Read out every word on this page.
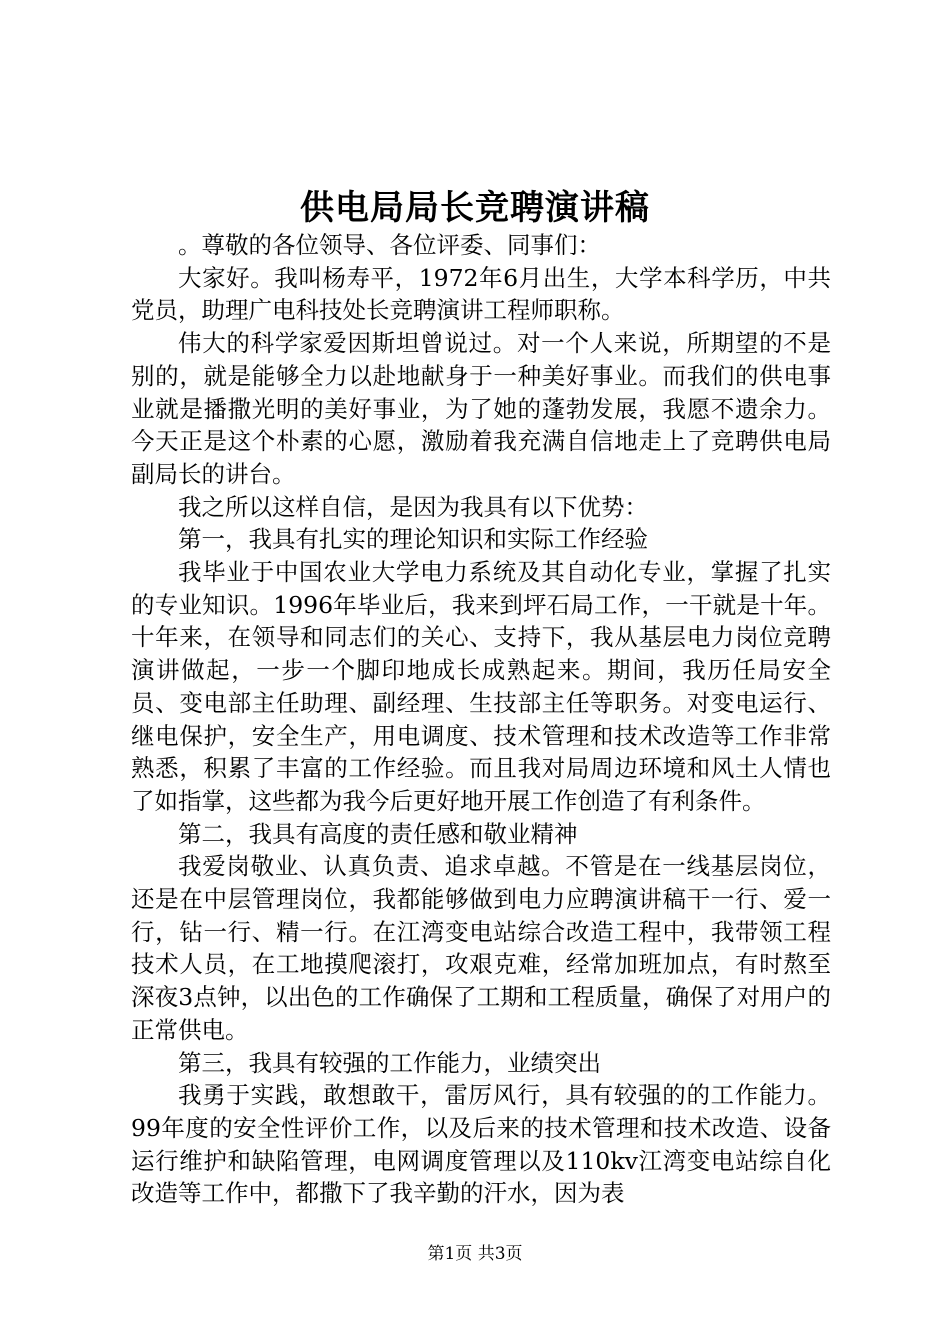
供电局局长竞聘演讲稿

。尊敬的各位领导、各位评委、同事们：

大家好。我叫杨寿平，1972年6月出生，大学本科学历，中共党员，助理广电科技处长竞聘演讲工程师职称。

伟大的科学家爱因斯坦曾说过。对一个人来说，所期望的不是别的，就是能够全力以赴地献身于一种美好事业。而我们的供电事业就是播撒光明的美好事业，为了她的蓬勃发展，我愿不遗余力。今天正是这个朴素的心愿，激励着我充满自信地走上了竞聘供电局副局长的讲台。

我之所以这样自信，是因为我具有以下优势：

第一，我具有扎实的理论知识和实际工作经验

我毕业于中国农业大学电力系统及其自动化专业，掌握了扎实的专业知识。1996年毕业后，我来到坪石局工作，一干就是十年。十年来，在领导和同志们的关心、支持下，我从基层电力岗位竞聘演讲做起，一步一个脚印地成长成熟起来。期间，我历任局安全员、变电部主任助理、副经理、生技部主任等职务。对变电运行、继电保护，安全生产，用电调度、技术管理和技术改造等工作非常熟悉，积累了丰富的工作经验。而且我对局周边环境和风土人情也了如指掌，这些都为我今后更好地开展工作创造了有利条件。

第二，我具有高度的责任感和敬业精神

我爱岗敬业、认真负责、追求卓越。不管是在一线基层岗位，还是在中层管理岗位，我都能够做到电力应聘演讲稿干一行、爱一行，钻一行、精一行。在江湾变电站综合改造工程中，我带领工程技术人员，在工地摸爬滚打，攻艰克难，经常加班加点，有时熬至深夜3点钟，以出色的工作确保了工期和工程质量，确保了对用户的正常供电。

第三，我具有较强的工作能力，业绩突出

我勇于实践，敢想敢干，雷厉风行，具有较强的的工作能力。99年度的安全性评价工作，以及后来的技术管理和技术改造、设备运行维护和缺陷管理，电网调度管理以及110kv江湾变电站综自化改造等工作中，都撒下了我辛勤的汗水，因为表

第1页 共3页
